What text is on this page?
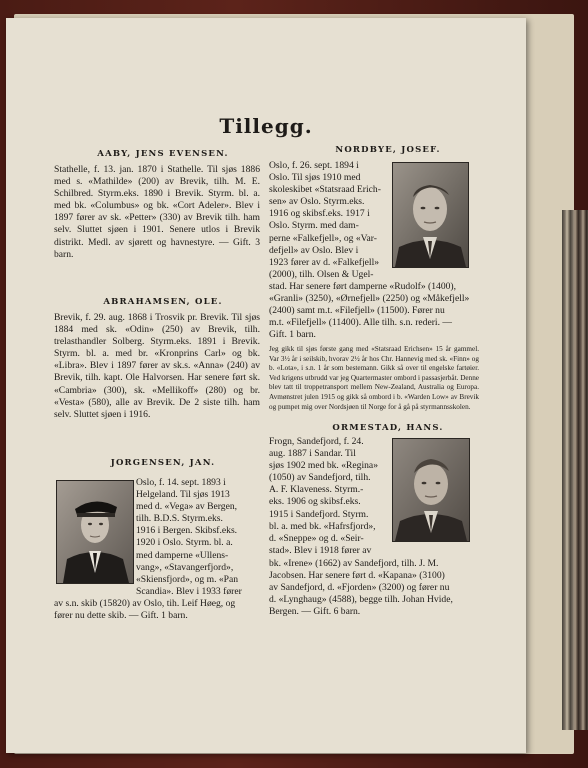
Tillegg.
AABY, JENS EVENSEN.
Stathelle, f. 13. jan. 1870 i Stathelle. Til sjøs 1886 med s. «Mathilde» (200) av Brevik, tilh. M. E. Schilbred. Styrm.eks. 1890 i Brevik. Styrm. bl. a. med bk. «Columbus» og bk. «Cort Adeler». Blev i 1897 fører av sk. «Petter» (330) av Brevik tilh. ham selv. Sluttet sjøen i 1901. Senere utlos i Brevik distrikt. Medl. av sjørett og havnestyre. — Gift. 3 barn.
ABRAHAMSEN, OLE.
Brevik, f. 29. aug. 1868 i Trosvik pr. Brevik. Til sjøs 1884 med sk. «Odin» (250) av Brevik, tilh. trelasthandler Solberg. Styrm.eks. 1891 i Brevik. Styrm. bl. a. med br. «Kronprins Carl» og bk. «Libra». Blev i 1897 fører av sk.s. «Anna» (240) av Brevik, tilh. kapt. Ole Halvorsen. Har senere ført sk. «Cambria» (300), sk. «Mellikoff» (280) og br. «Vesta» (580), alle av Brevik. De 2 siste tilh. ham selv. Sluttet sjøen i 1916.
JORGENSEN, JAN.
Oslo, f. 14. sept. 1893 i
Helgeland. Til sjøs 1913
med d. «Vega» av Bergen,
tilh. B.D.S. Styrm.eks.
1916 i Bergen. Skibsf.eks.
1920 i Oslo. Styrm. bl. a.
med damperne «Ullens-
vang», «Stavangerfjord»,
«Skiensfjord», og m. «Pan
Scandia». Blev i 1933 fører
av s.n. skib (15820) av Oslo, tih. Leif Høeg, og
fører nu dette skib. — Gift. 1 barn.
NORDBYE, JOSEF.
Oslo, f. 26. sept. 1894 i
Oslo. Til sjøs 1910 med
skoleskibet «Statsraad Erich-
sen» av Oslo. Styrm.eks.
1916 og skibsf.eks. 1917 i
Oslo. Styrm. med dam-
perne «Falkefjell», og «Var-
defjell» av Oslo. Blev i
1923 fører av d. «Falkefjell»
(2000), tilh. Olsen & Ugel-
stad. Har senere ført damperne «Rudolf» (1400),
«Granli» (3250), «Ørnefjell» (2250) og «Måkefjell»
(2400) samt m.t. «Filefjell» (11500). Fører nu
m.t. «Filefjell» (11400). Alle tilh. s.n. rederi. —
Gift. 1 barn.
Jeg gikk til sjøs første gang med «Statsraad Erichsen» 15 år gammel. Var 3½ år i seilskib, hvorav 2½ år hos Chr. Hannevig med sk. «Finn» og b. «Lota», i s.n. 1 år som bestemann. Gikk så over til engelske fartøier. Ved krigens utbrudd var jeg Quartermaster ombord i passasjerbåt. Denne blev tatt til troppetransport mellem New-Zealand, Australia og Europa. Avmønstret julen 1915 og gikk så ombord i b. «Warden Low» av Brevik og pumpet mig over Nordsjøen til Norge for å gå på styrmannsskolen.
ORMESTAD, HANS.
Frogn, Sandefjord, f. 24.
aug. 1887 i Sandar. Til
sjøs 1902 med bk. «Regina»
(1050) av Sandefjord, tilh.
A. F. Klaveness. Styrm.-
eks. 1906 og skibsf.eks.
1915 i Sandefjord. Styrm.
bl. a. med bk. «Hafrsfjord»,
d. «Sneppe» og d. «Seir-
stad». Blev i 1918 fører av
bk. «Irene» (1662) av Sandefjord, tilh. J. M.
Jacobsen. Har senere ført d. «Kapana» (3100)
av Sandefjord, d. «Fjorden» (3200) og fører nu
d. «Lynghaug» (4588), begge tilh. Johan Hvide,
Bergen. — Gift. 6 barn.
